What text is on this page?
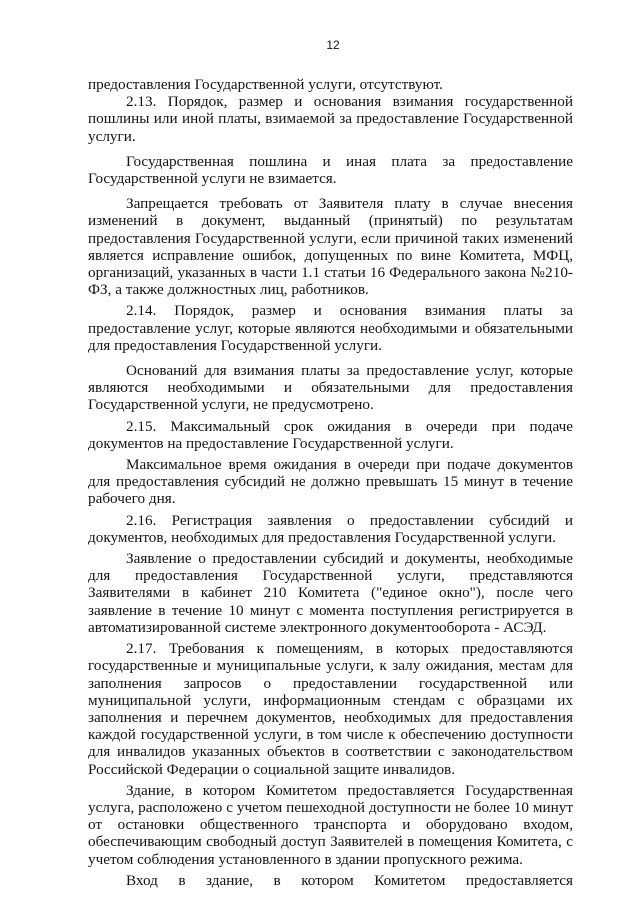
12

предоставления Государственной услуги, отсутствуют.

2.13. Порядок, размер и основания взимания государственной пошлины или иной платы, взимаемой за предоставление Государственной услуги.

Государственная пошлина и иная плата за предоставление Государственной услуги не взимается.

Запрещается требовать от Заявителя плату в случае внесения изменений в документ, выданный (принятый) по результатам предоставления Государственной услуги, если причиной таких изменений является исправление ошибок, допущенных по вине Комитета, МФЦ, организаций, указанных в части 1.1 статьи 16 Федерального закона №210-ФЗ, а также должностных лиц, работников.

2.14. Порядок, размер и основания взимания платы за предоставление услуг, которые являются необходимыми и обязательными для предоставления Государственной услуги.

Оснований для взимания платы за предоставление услуг, которые являются необходимыми и обязательными для предоставления Государственной услуги, не предусмотрено.

2.15. Максимальный срок ожидания в очереди при подаче документов на предоставление Государственной услуги.

Максимальное время ожидания в очереди при подаче документов для предоставления субсидий не должно превышать 15 минут в течение рабочего дня.

2.16. Регистрация заявления о предоставлении субсидий и документов, необходимых для предоставления Государственной услуги.

Заявление о предоставлении субсидий и документы, необходимые для предоставления Государственной услуги, представляются Заявителями в кабинет 210 Комитета ("единое окно"), после чего заявление в течение 10 минут с момента поступления регистрируется в автоматизированной системе электронного документооборота - АСЭД.

2.17. Требования к помещениям, в которых предоставляются государственные и муниципальные услуги, к залу ожидания, местам для заполнения запросов о предоставлении государственной или муниципальной услуги, информационным стендам с образцами их заполнения и перечнем документов, необходимых для предоставления каждой государственной услуги, в том числе к обеспечению доступности для инвалидов указанных объектов в соответствии с законодательством Российской Федерации о социальной защите инвалидов.

Здание, в котором Комитетом предоставляется Государственная услуга, расположено с учетом пешеходной доступности не более 10 минут от остановки общественного транспорта и оборудовано входом, обеспечивающим свободный доступ Заявителей в помещения Комитета, с учетом соблюдения установленного в здании пропускного режима.

Вход в здание, в котором Комитетом предоставляется
